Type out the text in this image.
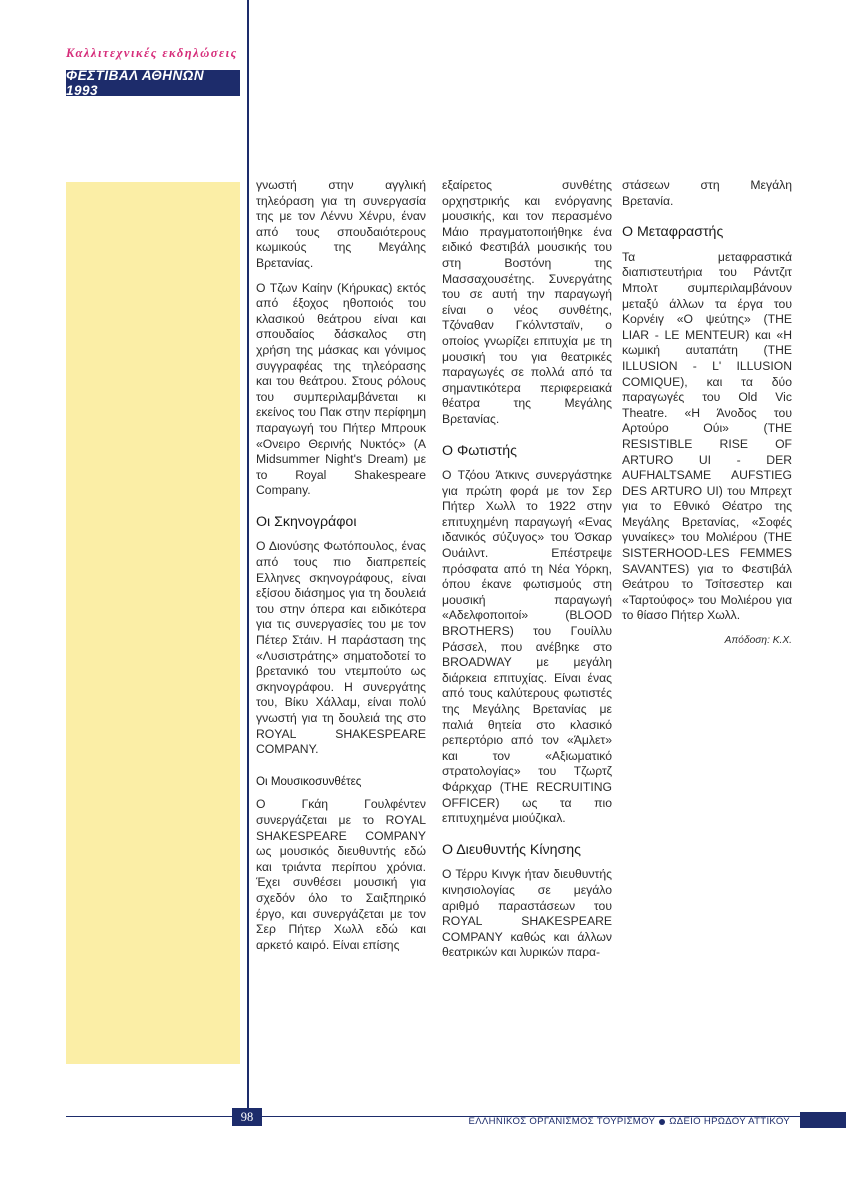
Καλλιτεχνικές εκδηλώσεις
ΦΕΣΤΙΒΑΛ ΑΘΗΝΩΝ 1993

γνωστή στην αγγλική τηλεόραση για τη συνεργασία της με τον Λέννυ Χένρυ, έναν από τους σπουδαιότερους κωμικούς της Μεγάλης Βρετανίας.

Ο Τζων Καίην (Κήρυκας) εκτός από έξοχος ηθοποιός του κλασικού θεάτρου είναι και σπουδαίος δάσκαλος στη χρήση της μάσκας και γόνιμος συγγραφέας της τηλεόρασης και του θεάτρου. Στους ρόλους του συμπεριλαμβάνεται κι εκείνος του Πακ στην περίφημη παραγωγή του Πήτερ Μπρουκ «Ονειρο Θερινής Νυκτός» (A Midsummer Night's Dream) με το Royal Shakespeare Company.

Οι Σκηνογράφοι

Ο Διονύσης Φωτόπουλος, ένας από τους πιο διαπρεπείς Ελληνες σκηνογράφους, είναι εξίσου διάσημος για τη δουλειά του στην όπερα και ειδικότερα για τις συνεργασίες του με τον Πέτερ Στάιν. Η παράσταση της «Λυσιστράτης» σηματοδοτεί το βρετανικό του ντεμπούτο ως σκηνογράφου. Η συνεργάτης του, Βίκυ Χάλλαμ, είναι πολύ γνωστή για τη δουλειά της στο ROYAL SHAKESPEARE COMPANY.

Οι Μουσικοσυνθέτες

Ο Γκάη Γουλφέντεν συνεργάζεται με το ROYAL SHAKESPEARE COMPANY ως μουσικός διευθυντής εδώ και τριάντα περίπου χρόνια. Έχει συνθέσει μουσική για σχεδόν όλο το Σαιξπηρικό έργο, και συνεργάζεται με τον Σερ Πήτερ Χωλλ εδώ και αρκετό καιρό. Είναι επίσης

εξαίρετος συνθέτης ορχηστρικής και ενόργανης μουσικής, και τον περασμένο Μάιο πραγματοποιήθηκε ένα ειδικό Φεστιβάλ μουσικής του στη Βοστόνη της Μασσαχουσέτης. Συνεργάτης του σε αυτή την παραγωγή είναι ο νέος συνθέτης, Τζόναθαν Γκόλντσταϊν, ο οποίος γνωρίζει επιτυχία με τη μουσική του για θεατρικές παραγωγές σε πολλά από τα σημαντικότερα περιφερειακά θέατρα της Μεγάλης Βρετανίας.

Ο Φωτιστής

Ο Τζόου Άτκινς συνεργάστηκε για πρώτη φορά με τον Σερ Πήτερ Χωλλ το 1922 στην επιτυχημένη παραγωγή «Ενας ιδανικός σύζυγος» του Όσκαρ Ουάιλντ. Επέστρεψε πρόσφατα από τη Νέα Υόρκη, όπου έκανε φωτισμούς στη μουσική παραγωγή «Αδελφοποιτοί» (BLOOD BROTHERS) του Γουίλλυ Ράσσελ, που ανέβηκε στο BROADWAY με μεγάλη διάρκεια επιτυχίας. Είναι ένας από τους καλύτερους φωτιστές της Μεγάλης Βρετανίας με παλιά θητεία στο κλασικό ρεπερτόριο από τον «Άμλετ» και τον «Αξιωματικό στρατολογίας» του Τζωρτζ Φάρκχαρ (THE RECRUITING OFFICER) ως τα πιο επιτυχημένα μιούζικαλ.

Ο Διευθυντής Κίνησης

Ο Τέρρυ Κινγκ ήταν διευθυντής κινησιολογίας σε μεγάλο αριθμό παραστάσεων του ROYAL SHAKESPEARE COMPANY καθώς και άλλων θεατρικών και λυρικών παρα-

στάσεων στη Μεγάλη Βρετανία.

Ο Μεταφραστής

Τα μεταφραστικά διαπιστευτήρια του Ράντζιτ Μπολτ συμπεριλαμβάνουν μεταξύ άλλων τα έργα του Κορνέιγ «Ο ψεύτης» (THE LIAR - LE MENTEUR) και «Η κωμική αυταπάτη (THE ILLUSION - L' ILLUSION COMIQUE), και τα δύο παραγωγές του Old Vic Theatre. «Η Άνοδος του Αρτούρο Ούι» (THE RESISTIBLE RISE OF ARTURO UI - DER AUFHALTSAME AUFSTIEG DES ARTURO UI) του Μπρεχτ για το Εθνικό Θέατρο της Μεγάλης Βρετανίας, «Σοφές γυναίκες» του Μολιέρου (THE SISTERHOOD-LES FEMMES SAVANTES) για το Φεστιβάλ Θεάτρου το Τσίτσεστερ και «Ταρτούφος» του Μολιέρου για το θίασο Πήτερ Χωλλ.

Απόδοση: Κ.Χ.

98	ΕΛΛΗΝΙΚΟΣ ΟΡΓΑΝΙΣΜΟΣ ΤΟΥΡΙΣΜΟΥ ΩΔΕΙΟ ΗΡΩΔΟΥ ΑΤΤΙΚΟΥ
